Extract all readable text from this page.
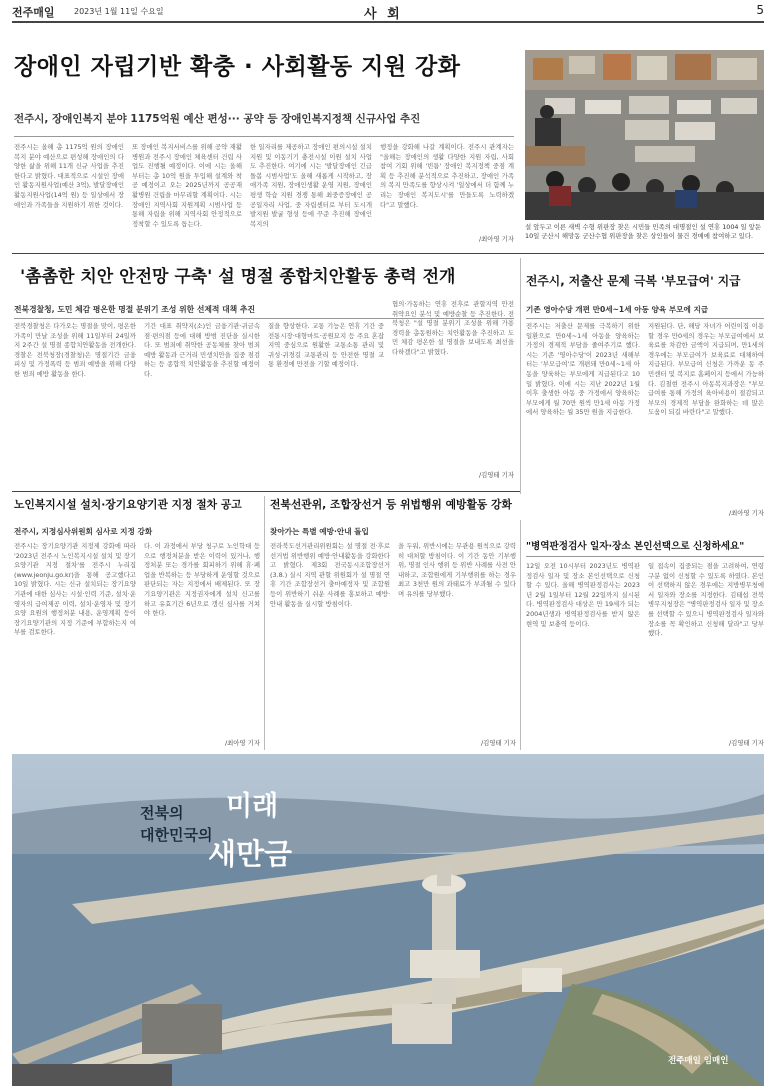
전주매일 2023년 1월 11일 수요일	사 회	5
장애인 자립기반 확충 · 사회활동 지원 강화
전주시, 장애인복지 분야 1175억원 예산 편성··· 공약 등 장애인복지정책 신규사업 추진
전주시는 올해 총 1175억 원의 장애인복지 분야 예산으로 편성해 장애인의 다양한 삶을 위해 11개 신규 사업을 추진한다고 밝혔다. 대표적으로 시설인 장애인 활동지원사업(예산 3억), 발달장애인 활동지원사업(14억 원) 등 일상에서 장애인과 가족들을 지원하기 위한 것이다.
또 장애인 복지서비스를 위해 공약 재활병원과 전주시 장애인 체육센터 건립 사업도 진행될 예정이다. 이에 시는 올해부터는 총 10억 원을 투입해 설계와 착공 예정이고 오는 2025년까지 공공재활병원 건립을 마무리할 계획이다. 시는 장애인 지역사회 지원계획 시범사업 등 통해 자립을 위해 지역사회 안정적으로 정착할 수 있도록 돕는다.
한 일자리를 제공하고 장애인 편의시설 설치 지원 및 이동기기 충전시설 이원 설치 사업도 추진한다. 여기에 시는 '발달장애인 긴급돌봄 시범사업'도 올해 새롭게 시작하고, 장애가족 지원, 장애인생활 운영 지원, 장애인 평생 학습 지원 경쟁 통해 최중증장애인 공공일자리 사업, 중 자립센터로 부터 도시개발지원 발굴 형성 등에 꾸준 추진해 장애인복지의
행정을 강화해 나갈 계획이다. 전주시 관계자는 "올해는 장애인의 생활 다양한 지원 자립, 사회 참여 기회 위해 '빈틈' 장애인 복지정책 중점 계획 등 추진해 분석적으로 추진하고, 장애인 가족의 복지 만족도를 향상시켜 '일상에서 더 함께 누리는 장애인 복지도시'를 만들도록 노력하겠다"고 말했다.
/최아영 기자
설 앞두고 이른 새벽 수형 위판장 찾은 시민들 민족의 대명절인 설 연휴 1004 일 앞둔 10일 군산시 해망동 군산수협 위판장을 찾은 상인들이 물건 경매에 참여하고 있다.
'촘촘한 치안 안전망 구축' 설 명절 종합치안활동 총력 전개
전북경찰청, 도민 체감 평온한 명절 분위기 조성 위한 선제적 대책 추진
전북경찰청은 다가오는 명절을 맞이, 평온한 가족이 만날 조성을 위해 11일부터 24일까지 2주간 설 명절 종합치안활동을 전개한다. 경찰은 전북청장(경찰청)은 명절기간 금융피싱 및 가정폭력 등 범죄 예방을 위해 다양한 범죄 예방 활동을 한다.
기간 대표 취약지(소)인 금융기관·귀금속점·편의점 등에 대해 방범 진단을 실시한다. 또 범죄에 취약한 공동체를 찾아 범죄 예방 활동과 근거리 민생치안을 집중 점검하는 등 종합적 치안활동을 추진할 예정이다.
질을 향상한다. 교통 기능은 연휴 기간 중 전통시장·대형마트·공원묘지 등 주요 혼잡지역 중심으로 원활한 교통소통 관리 및 귀성·귀경길 교통관리 등 안전한 명절 교통 환경에 만전을 기할 예정이다.
협의·가동하는 연휴 전후로 관할지역 안전 취약요인 분석 및 예방순찰 등 추진한다. 전북청은 "설 명절 분위기 조성을 위해 가용 경력을 총동원하는 치안활동을 추진하고 도민 체감 평온한 설 명절을 보내도록 최선을 다하겠다"고 밝혔다.
/김영태 기자
전주시, 저출산 문제 극복 '부모급여' 지급
기존 영아수당 개편 만0세~1세 아동 양육 부모에 지급
전주시는 저출산 문제를 극복하기 위한 일환으로 만0세~1세 아동을 양육하는 가정의 경제적 부담을 줄여주기로 했다. 시는 기존 '영아수당'이 2023년 새해부터는 '부모급여'로 개편돼 만0세~1세 아동을 양육하는 부모에게 지급된다고 10일 밝혔다. 이에 시는 지난 2022년 1월 이후 출생한 아동 중 가정에서 양육하는 부모에게 월 70만 원씩 만1세 아동 가정에서 양육하는 월 35만 원을 지급한다.
지원된다. 단, 해당 자녀가 어린이집 이용할 경우 만0세의 경우는 부모급여에서 보육료를 차감한 금액이 지급되며, 만1세의 경우에는 부모급여가 보육료로 대체하여 지급된다. 부모급여 신청은 가까운 동 주민센터 및 복지로 홈페이지 등에서 가능하다. 김철현 전주시 아동복지과장은 "부모급여를 통해 가정의 육아비용이 절감되고 부모의 경제적 부담을 완화하는 데 많은 도움이 되길 바란다"고 말했다.
/최아영 기자
노인복지시설 설치·장기요양기관 지정 절차 공고
전주시, 지정심사위원회 심사로 지정 강화
전주시는 장기요양기관 지정제 강화에 따라 '2023년 전주시 노인복지시설 설치 및 장기요양기관 지정 절차'를 전주시 누리집(www.jeonju.go.kr)을 통해 공고했다고 10일 밝혔다. 시는 신규 설치되는 장기요양기관에 대한 심사는 시설·인력 기준, 설치·운영자의 급여제공 이력, 설치·운영자 및 장기요양 요원의 행정처분 내용, 운영계획 등이 장기요양기관의 지정 기준에 부합하는지 여부를 검토한다.
다. 이 과정에서 부당 청구로 노인학대 등으로 행정처분을 받은 이력이 있거나, 행정처분 또는 경가를 회피하기 위해 휴·폐업을 반복하는 등 부당하게 운영할 것으로 판단되는 자는 지정에서 배제된다. 또 장기요양기관은 지정권자에게 설치 신고를 하고 유효기간 6년으로 갱신 심사를 거쳐야 한다.
/최아영 기자
전북선관위, 조합장선거 등 위법행위 예방활동 강화
찾아가는 특별 예방·안내 돌입
전라북도선거관리위원회는 설 명절 전·후로 선거법 위반행위 예방·안내활동을 강화한다고 밝혔다. 제3회 전국동시조합장선거(3.8.) 실시 지역 관할 위원회가 설 명절 연휴 기간 조합장선거 출마예정자 및 조합원 등이 위반하기 쉬운 사례를 홍보하고 예방·안내 활동을 실시할 방침이다.
을 두워, 위반시에는 무관용 원칙으로 강력히 대처할 방침이다. 이 기간 동안 기부행위, 명절 인사 행위 등 위반 사례를 사전 안내하고, 조합원에게 기부행위를 하는 경우 최고 3천만 원의 과태료가 부과될 수 있다며 유의를 당부했다.
/김영태 기자
"병역판정검사 일자·장소 본인선택으로 신청하세요"
12일 오전 10시부터 2023년도 병역판정검사 일자 및 장소 본인선택으로 신청할 수 있다. 올해 병역판정검사는 2023년 2월 1일부터 12월 22일까지 실시된다. 병역판정검사 대상은 만 19세가 되는 2004년생과 병역판정검사를 받지 않은 현역 및 보충역 등이다.
일 접속이 집중되는 점을 고려하여, 연령 구분 없이 신청할 수 있도록 하였다. 본인이 선택하지 않은 경우에는 지방병무청에서 일자와 장소를 지정한다. 김태섭 전북병무지청장은 "병역판정검사 일자 및 장소를 선택할 수 있으니 병역판정검사 일자와 장소를 꼭 확인하고 신청해 달라"고 당부했다.
/김영태 기자
전북의
대한민국의
미래
새만금
전주매일 임매인
